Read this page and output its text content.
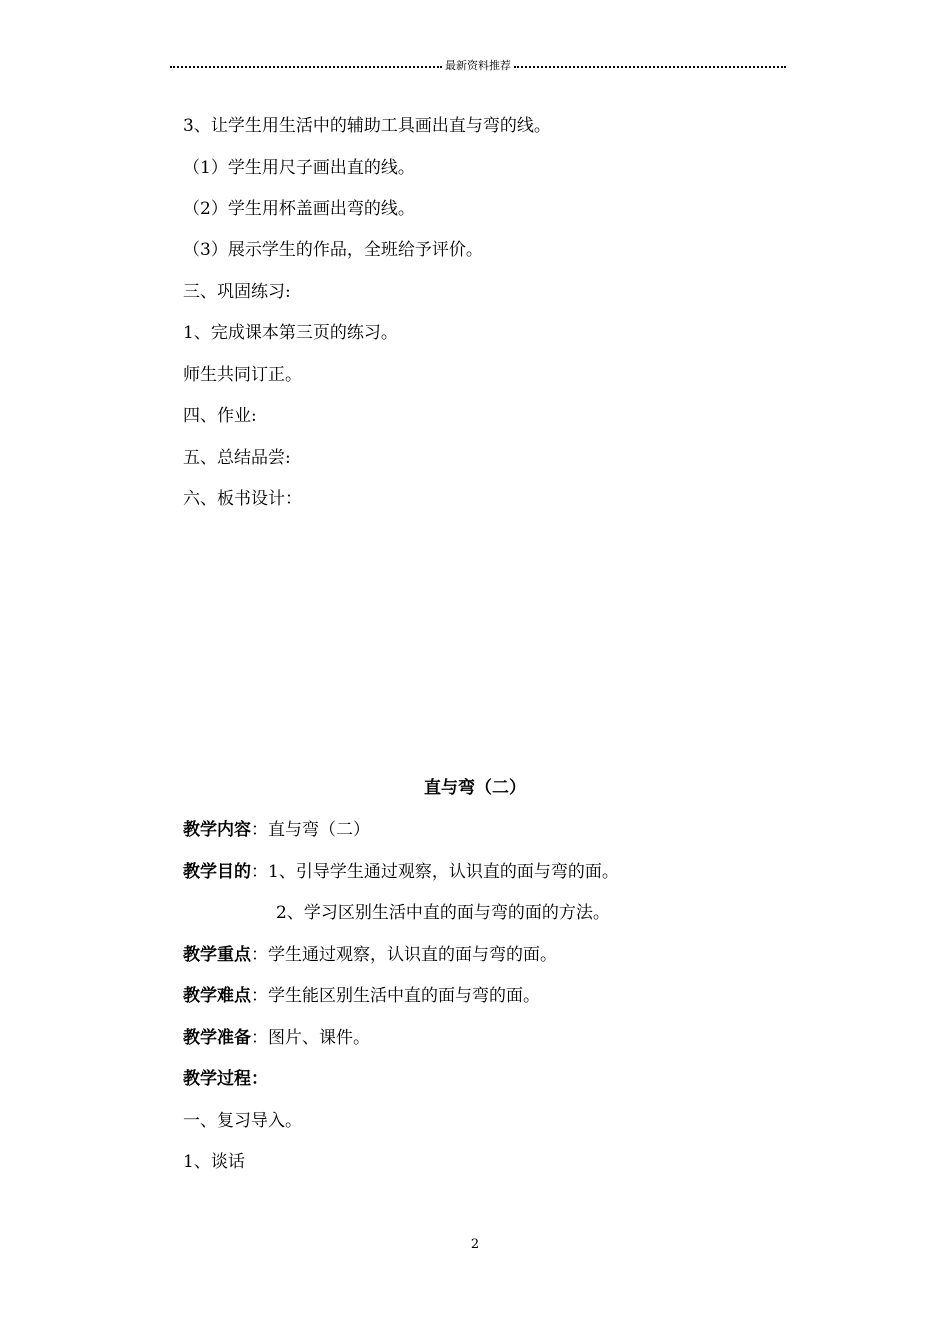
最新资料推荐
3、让学生用生活中的辅助工具画出直与弯的线。
（1）学生用尺子画出直的线。
（2）学生用杯盖画出弯的线。
（3）展示学生的作品，全班给予评价。
三、巩固练习:
1、完成课本第三页的练习。
师生共同订正。
四、作业:
五、总结品尝:
六、板书设计：
直与弯（二）
教学内容：直与弯（二）
教学目的：1、引导学生通过观察，认识直的面与弯的面。
2、学习区别生活中直的面与弯的面的方法。
教学重点：学生通过观察，认识直的面与弯的面。
教学难点：学生能区别生活中直的面与弯的面。
教学准备：图片、课件。
教学过程：
一、复习导入。
1、谈话
2
